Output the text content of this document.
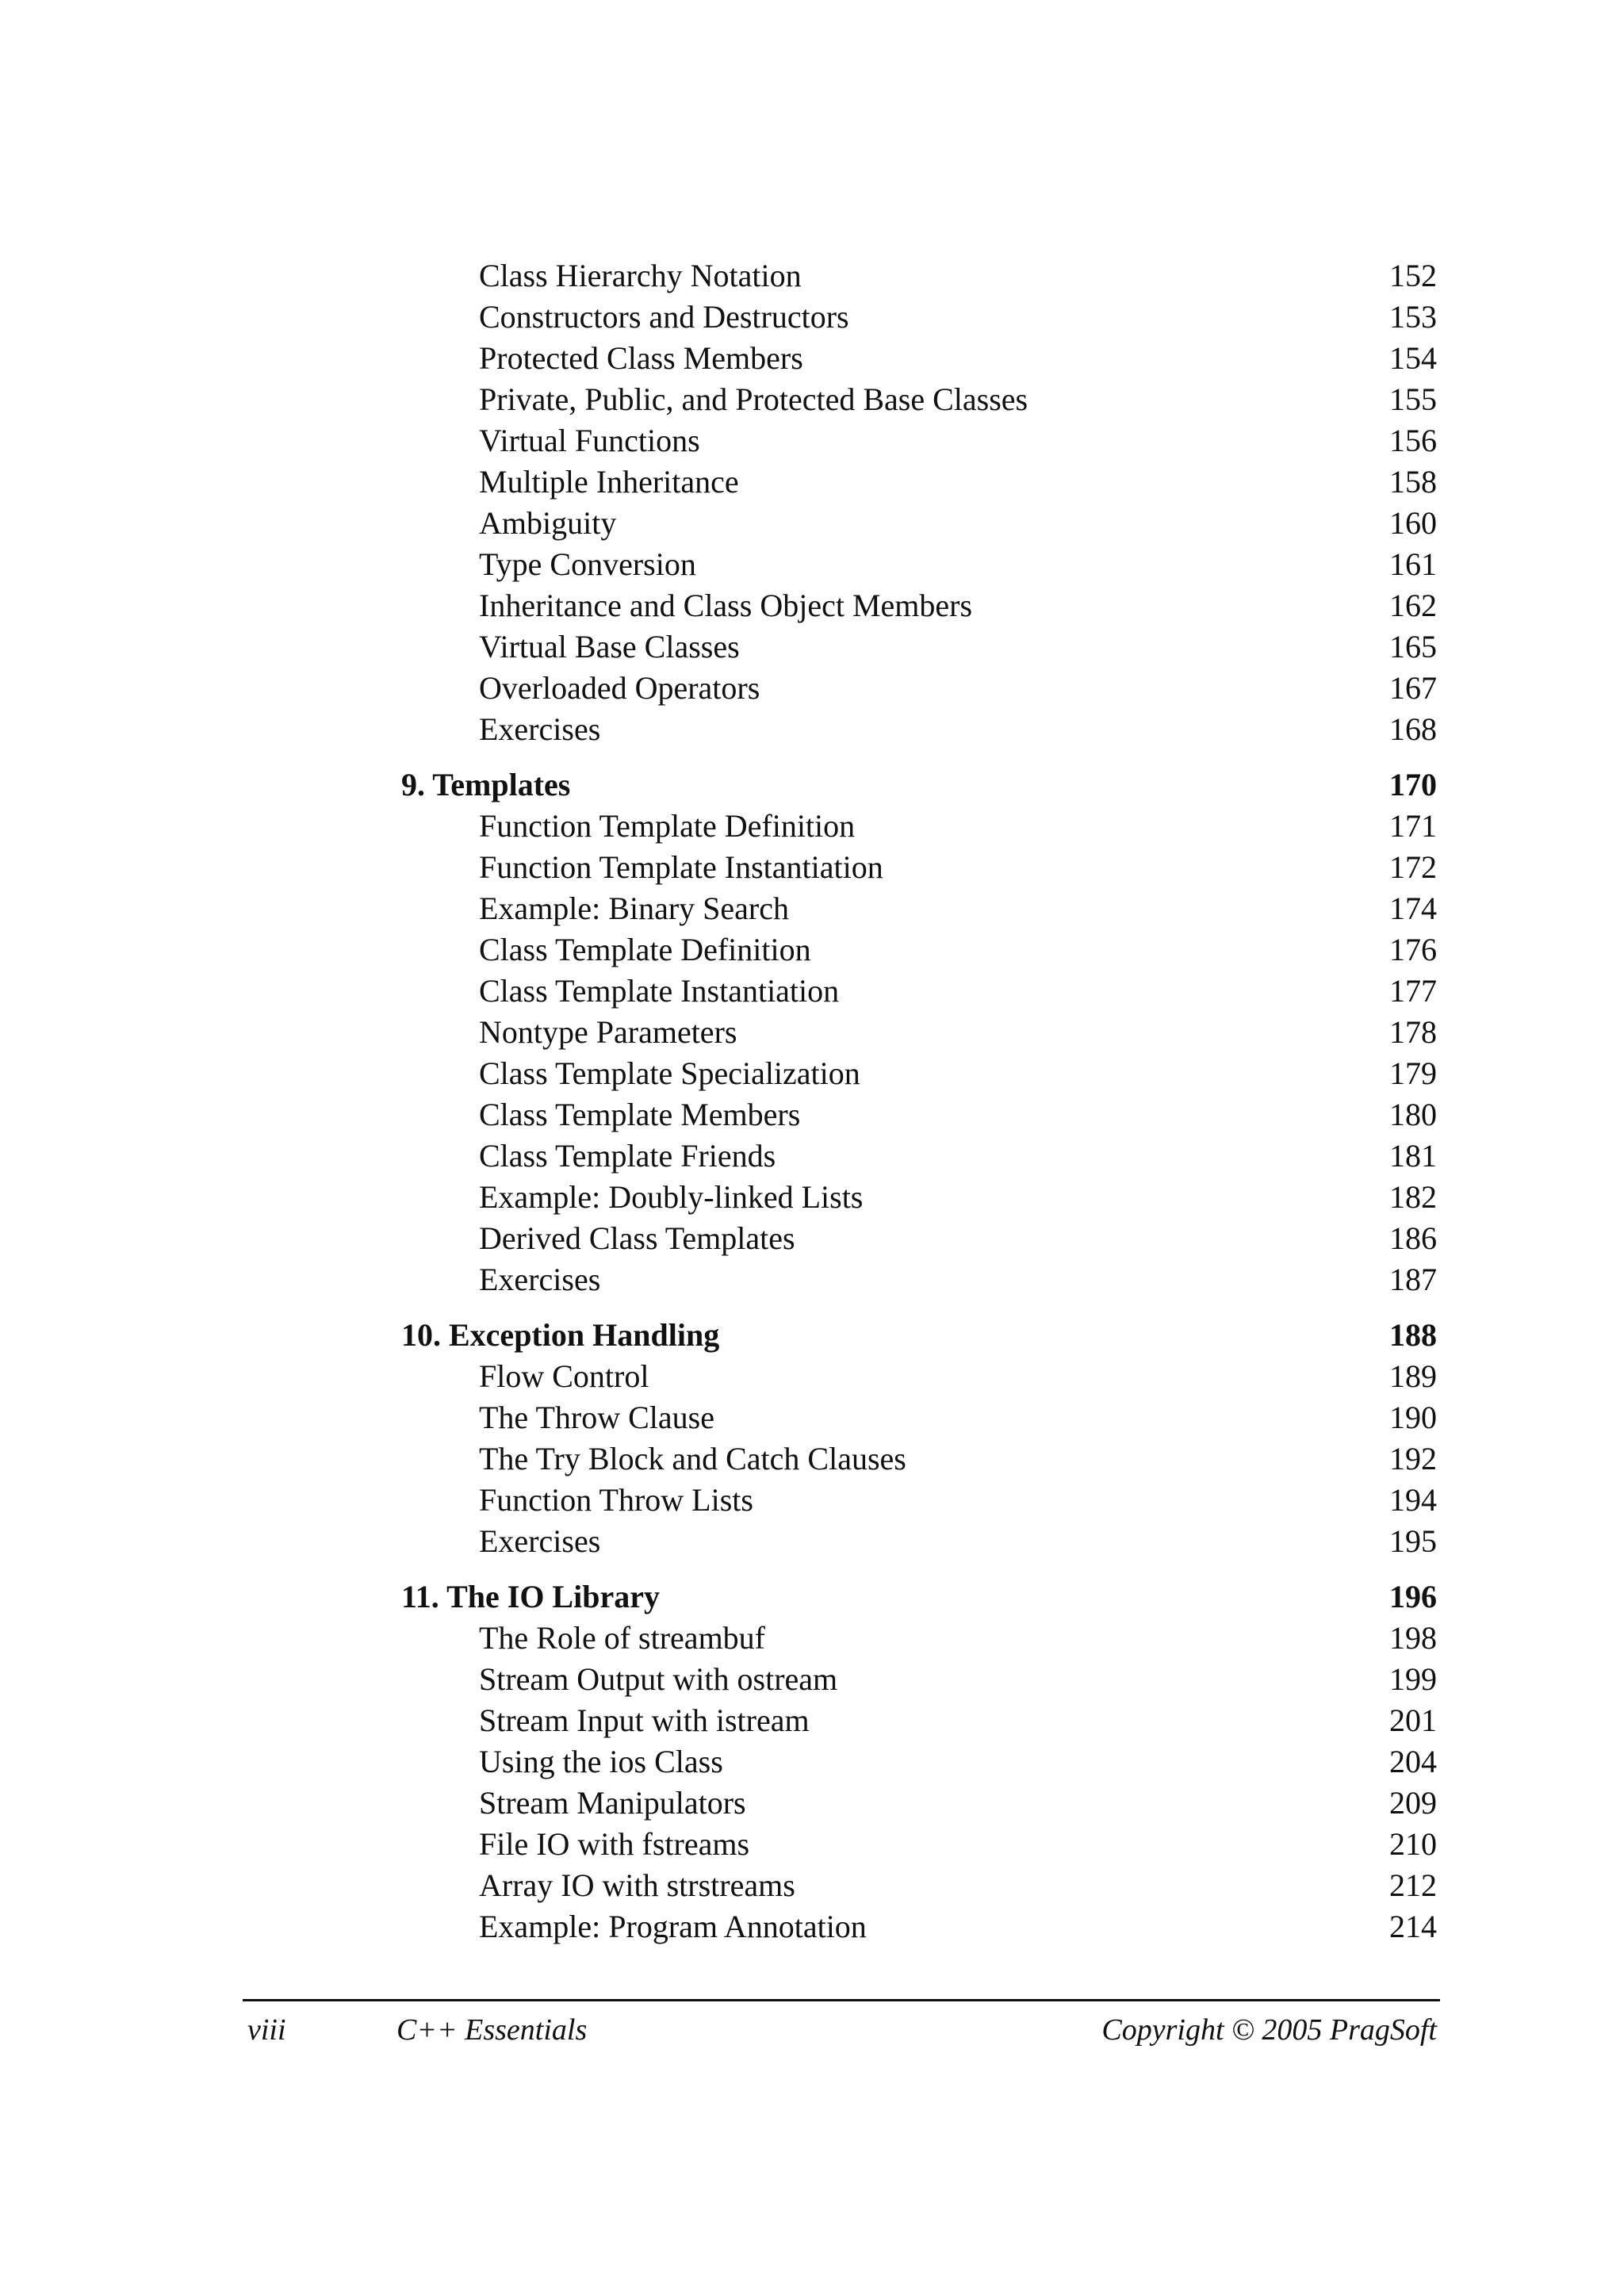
Class Hierarchy Notation	152
Constructors and Destructors	153
Protected Class Members	154
Private, Public, and Protected Base Classes	155
Virtual Functions	156
Multiple Inheritance	158
Ambiguity	160
Type Conversion	161
Inheritance and Class Object Members	162
Virtual Base Classes	165
Overloaded Operators	167
Exercises	168
9. Templates	170
Function Template Definition	171
Function Template Instantiation	172
Example: Binary Search	174
Class Template Definition	176
Class Template Instantiation	177
Nontype Parameters	178
Class Template Specialization	179
Class Template Members	180
Class Template Friends	181
Example: Doubly-linked Lists	182
Derived Class Templates	186
Exercises	187
10. Exception Handling	188
Flow Control	189
The Throw Clause	190
The Try Block and Catch Clauses	192
Function Throw Lists	194
Exercises	195
11. The IO Library	196
The Role of streambuf	198
Stream Output with ostream	199
Stream Input with istream	201
Using the ios Class	204
Stream Manipulators	209
File IO with fstreams	210
Array IO with strstreams	212
Example: Program Annotation	214
viii	C++ Essentials	Copyright © 2005 PragSoft
